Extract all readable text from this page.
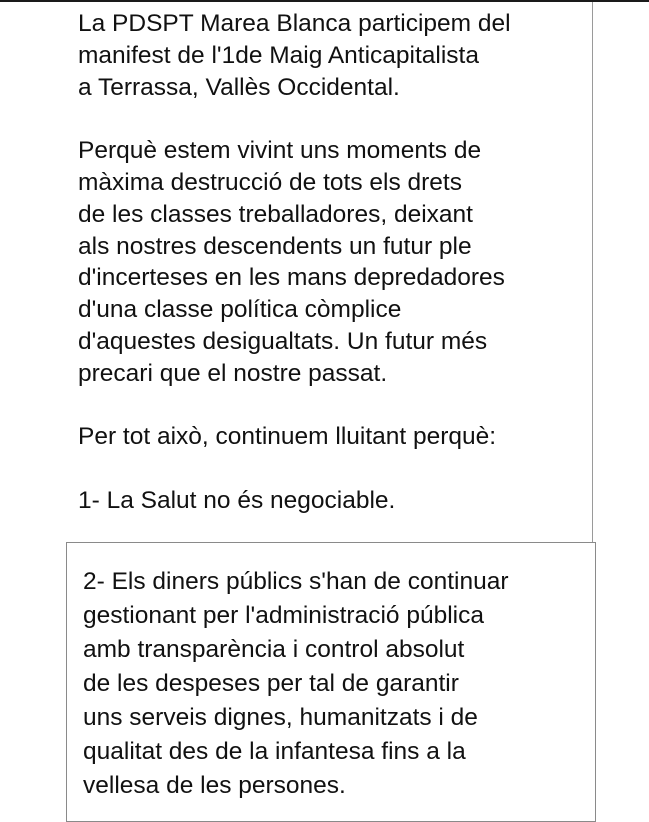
La PDSPT Marea Blanca participem del
manifest de l'1de Maig Anticapitalista
a Terrassa, Vallès Occidental.

Perquè estem vivint uns moments de
màxima destrucció de tots els drets
de les classes treballadores, deixant
als nostres descendents un futur ple
d'incerteses en les mans depredadores
d'una classe política còmplice
d'aquestes desigualtats. Un futur més
precari que el nostre passat.

Per tot això, continuem lluitant perquè:

1- La Salut no és negociable.

2- Els diners públics s'han de continuar
gestionant per l'administració pública
amb transparència i control absolut
de les despeses per tal de garantir
uns serveis dignes, humanitzats i de
qualitat des de la infantesa fins a la
vellesa de les persones.
